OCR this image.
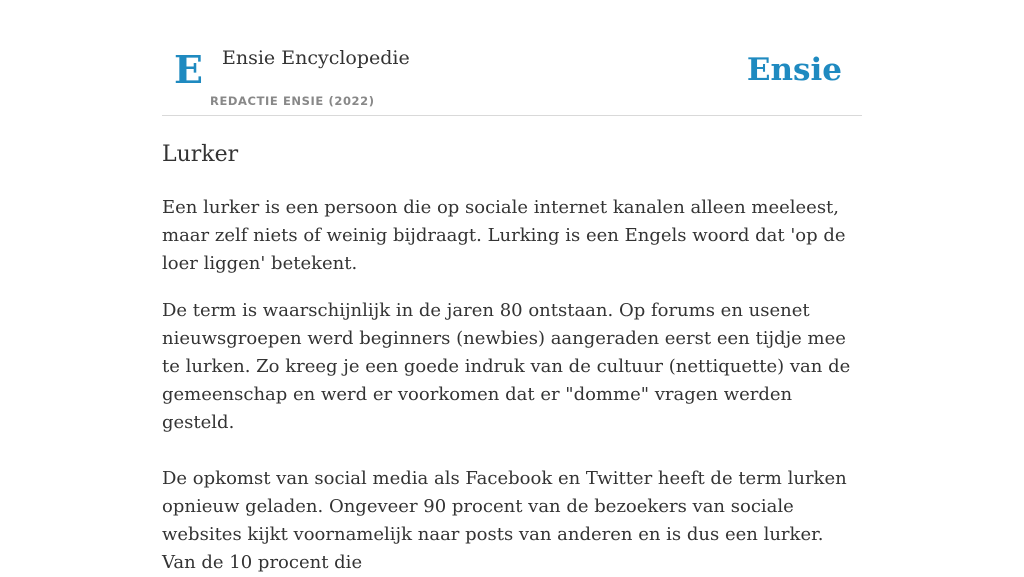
E Ensie Encyclopedie
REDACTIE ENSIE (2022)
Ensie
Lurker

Een lurker is een persoon die op sociale internet kanalen alleen meeleest, maar zelf niets of weinig bijdraagt. Lurking is een Engels woord dat 'op de loer liggen' betekent.

De term is waarschijnlijk in de jaren 80 ontstaan. Op forums en usenet nieuwsgroepen werd beginners (newbies) aangeraden eerst een tijdje mee te lurken. Zo kreeg je een goede indruk van de cultuur (nettiquette) van de gemeenschap en werd er voorkomen dat er "domme" vragen werden gesteld.

De opkomst van social media als Facebook en Twitter heeft de term lurken opnieuw geladen. Ongeveer 90 procent van de bezoekers van sociale websites kijkt voornamelijk naar posts van anderen en is dus een lurker. Van de 10 procent die
